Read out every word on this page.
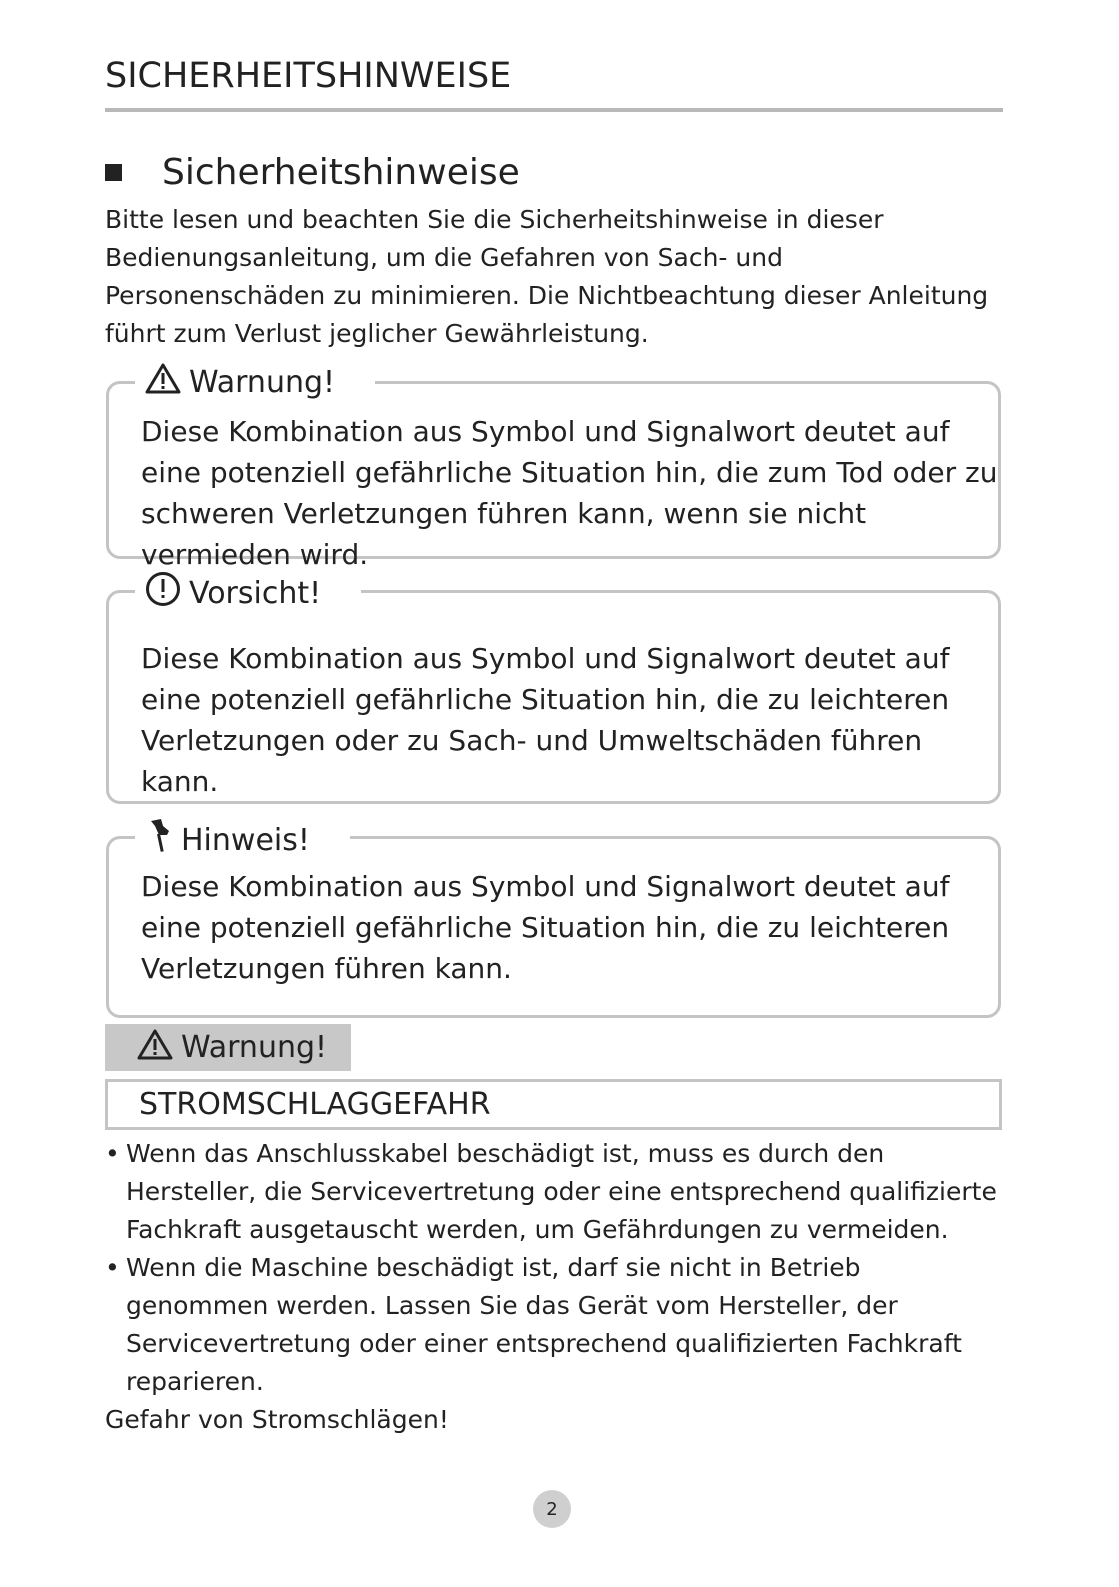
SICHERHEITSHINWEISE
Sicherheitshinweise
Bitte lesen und beachten Sie die Sicherheitshinweise in dieser Bedienungsanleitung, um die Gefahren von Sach- und Personenschäden zu minimieren. Die Nichtbeachtung dieser Anleitung führt zum Verlust jeglicher Gewährleistung.
Warnung!
Diese Kombination aus Symbol und Signalwort deutet auf eine potenziell gefährliche Situation hin, die zum Tod oder zu schweren Verletzungen führen kann, wenn sie nicht vermieden wird.
Vorsicht!
Diese Kombination aus Symbol und Signalwort deutet auf eine potenziell gefährliche Situation hin, die zu leichteren Verletzungen oder zu Sach- und Umweltschäden führen kann.
Hinweis!
Diese Kombination aus Symbol und Signalwort deutet auf eine potenziell gefährliche Situation hin, die zu leichteren Verletzungen führen kann.
Warnung!
STROMSCHLAGGEFAHR
• Wenn das Anschlusskabel beschädigt ist, muss es durch den Hersteller, die Servicevertretung oder eine entsprechend qualifizierte Fachkraft ausgetauscht werden, um Gefährdungen zu vermeiden.
• Wenn die Maschine beschädigt ist, darf sie nicht in Betrieb genommen werden. Lassen Sie das Gerät vom Hersteller, der Servicevertretung oder einer entsprechend qualifizierten Fachkraft reparieren.
Gefahr von Stromschlägen!
2
